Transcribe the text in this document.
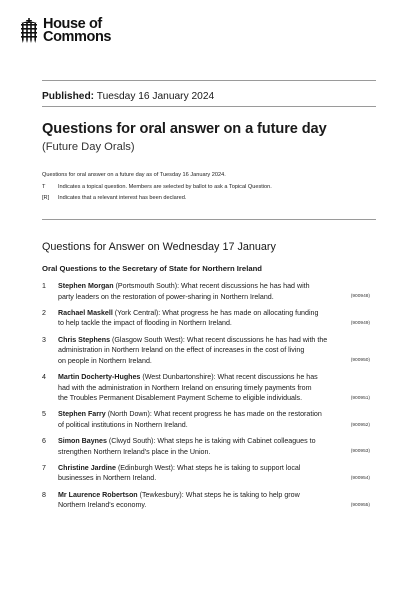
House of
Commons
Published: Tuesday 16 January 2024
Questions for oral answer on a future day
(Future Day Orals)
Questions for oral answer on a future day as of Tuesday 16 January 2024.
T	Indicates a topical question. Members are selected by ballot to ask a Topical Question.
[R]	Indicates that a relevant interest has been declared.
Questions for Answer on Wednesday 17 January
Oral Questions to the Secretary of State for Northern Ireland
1	Stephen Morgan (Portsmouth South): What recent discussions he has had with
party leaders on the restoration of power-sharing in Northern Ireland.	(900948)
2	Rachael Maskell (York Central): What progress he has made on allocating funding
to help tackle the impact of flooding in Northern Ireland.	(900949)
3	Chris Stephens (Glasgow South West): What recent discussions he has had with the
administration in Northern Ireland on the effect of increases in the cost of living
on people in Northern Ireland.	(900950)
4	Martin Docherty-Hughes (West Dunbartonshire): What recent discussions he has
had with the administration in Northern Ireland on ensuring timely payments from
the Troubles Permanent Disablement Payment Scheme to eligible individuals.	(900951)
5	Stephen Farry (North Down): What recent progress he has made on the restoration
of political institutions in Northern Ireland.	(900952)
6	Simon Baynes (Clwyd South): What steps he is taking with Cabinet colleagues to
strengthen Northern Ireland's place in the Union.	(900953)
7	Christine Jardine (Edinburgh West): What steps he is taking to support local
businesses in Northern Ireland.	(900954)
8	Mr Laurence Robertson (Tewkesbury): What steps he is taking to help grow
Northern Ireland's economy.	(900955)
